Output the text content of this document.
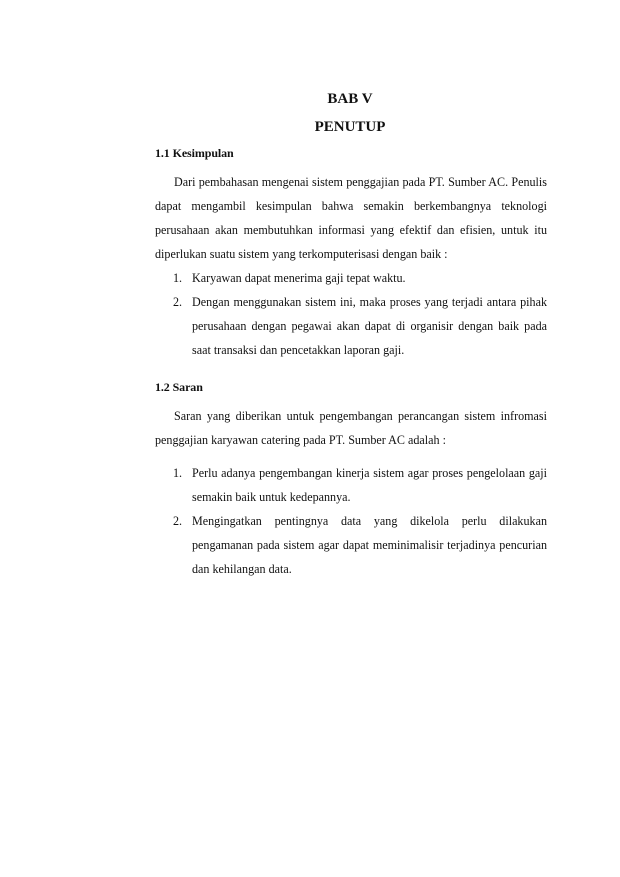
BAB V
PENUTUP
1.1 Kesimpulan

Dari pembahasan mengenai sistem penggajian pada PT. Sumber AC. Penulis dapat mengambil kesimpulan bahwa semakin berkembangnya teknologi perusahaan akan membutuhkan informasi yang efektif dan efisien, untuk itu diperlukan suatu sistem yang terkomputerisasi dengan baik :

1. Karyawan dapat menerima gaji tepat waktu.
2. Dengan menggunakan sistem ini, maka proses yang terjadi antara pihak perusahaan dengan pegawai akan dapat di organisir dengan baik pada saat transaksi dan pencetakkan laporan gaji.
1.2 Saran

Saran yang diberikan untuk pengembangan perancangan sistem infromasi penggajian karyawan catering pada PT. Sumber AC adalah :

1. Perlu adanya pengembangan kinerja sistem agar proses pengelolaan gaji semakin baik untuk kedepannya.
2. Mengingatkan pentingnya data yang dikelola perlu dilakukan pengamanan pada sistem agar dapat meminimalisir terjadinya pencurian dan kehilangan data.
